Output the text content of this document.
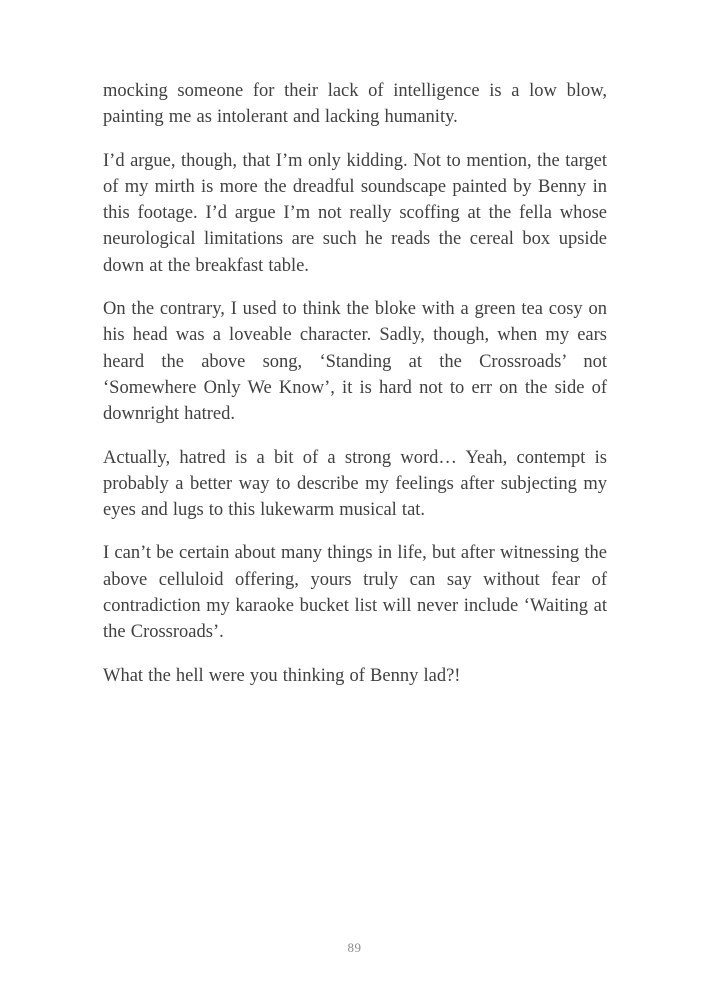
mocking someone for their lack of intelligence is a low blow, painting me as intolerant and lacking humanity.

I’d argue, though, that I’m only kidding. Not to mention, the target of my mirth is more the dreadful soundscape painted by Benny in this footage. I’d argue I’m not really scoffing at the fella whose neurological limitations are such he reads the cereal box upside down at the breakfast table.

On the contrary, I used to think the bloke with a green tea cosy on his head was a loveable character. Sadly, though, when my ears heard the above song, ‘Standing at the Crossroads’ not ‘Somewhere Only We Know’, it is hard not to err on the side of downright hatred.

Actually, hatred is a bit of a strong word… Yeah, contempt is probably a better way to describe my feelings after subjecting my eyes and lugs to this lukewarm musical tat.

I can’t be certain about many things in life, but after witnessing the above celluloid offering, yours truly can say without fear of contradiction my karaoke bucket list will never include ‘Waiting at the Crossroads’.

What the hell were you thinking of Benny lad?!

89
